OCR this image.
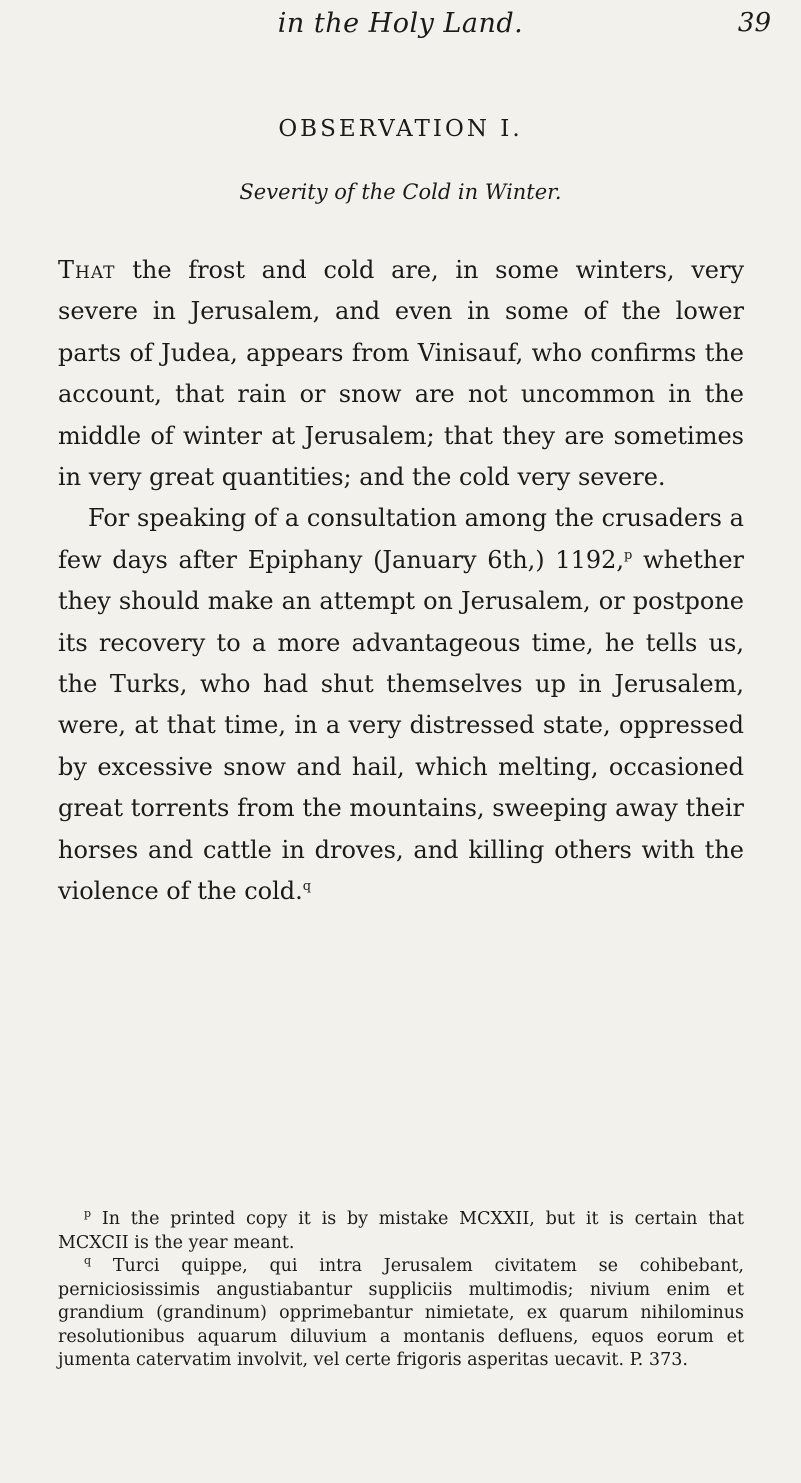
in the Holy Land.	39
OBSERVATION I.
Severity of the Cold in Winter.

That the frost and cold are, in some winters, very severe in Jerusalem, and even in some of the lower parts of Judea, appears from Vinisauf, who confirms the account, that rain or snow are not uncommon in the middle of winter at Jerusalem; that they are sometimes in very great quantities; and the cold very severe.

For speaking of a consultation among the crusaders a few days after Epiphany (January 6th,) 1192,$^p$ whether they should make an attempt on Jerusalem, or postpone its recovery to a more advantageous time, he tells us, the Turks, who had shut themselves up in Jerusalem, were, at that time, in a very distressed state, oppressed by excessive snow and hail, which melting, occasioned great torrents from the mountains, sweeping away their horses and cattle in droves, and killing others with the violence of the cold.$^q$

$^p$ In the printed copy it is by mistake MCXXII, but it is certain that MCXCII is the year meant.

$^q$ Turci quippe, qui intra Jerusalem civitatem se cohibebant, perniciosissimis angustiabantur suppliciis multimodis; nivium enim et grandium (grandinum) opprimebantur nimietate, ex quarum nihilominus resolutionibus aquarum diluvium a montanis defluens, equos eorum et jumenta catervatim involvit, vel certe frigoris asperitas uecavit. P. 373.
